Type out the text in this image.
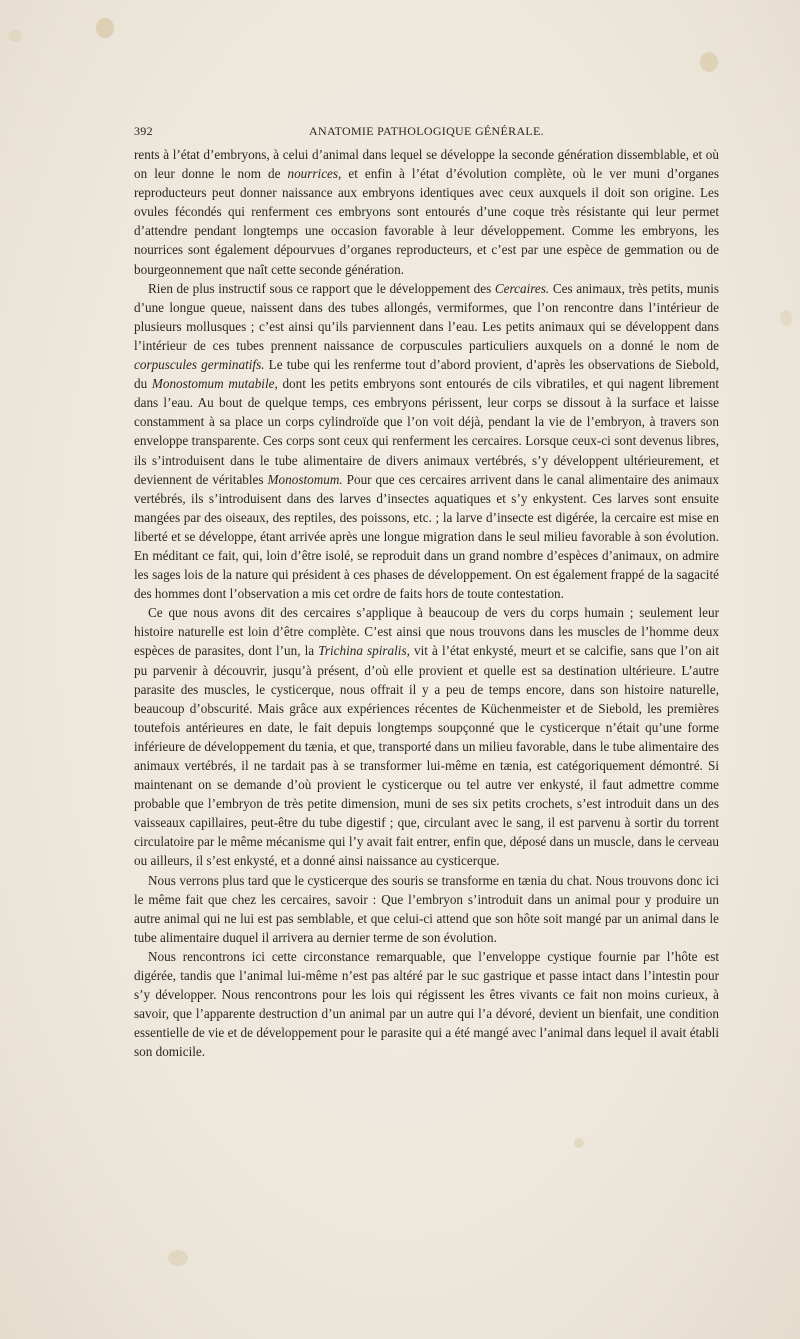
392	ANATOMIE PATHOLOGIQUE GÉNÉRALE.

rents à l’état d’embryons, à celui d’animal dans lequel se développe la seconde génération dissemblable, et où on leur donne le nom de nourrices, et enfin à l’état d’évolution complète, où le ver muni d’organes reproducteurs peut donner naissance aux embryons identiques avec ceux auxquels il doit son origine. Les ovules fécondés qui renferment ces embryons sont entourés d’une coque très résistante qui leur permet d’attendre pendant longtemps une occasion favorable à leur développement. Comme les embryons, les nourrices sont également dépourvues d’organes reproducteurs, et c’est par une espèce de gemmation ou de bourgeonnement que naît cette seconde génération.

Rien de plus instructif sous ce rapport que le développement des Cercaires. Ces animaux, très petits, munis d’une longue queue, naissent dans des tubes allongés, vermiformes, que l’on rencontre dans l’intérieur de plusieurs mollusques ; c’est ainsi qu’ils parviennent dans l’eau. Les petits animaux qui se développent dans l’intérieur de ces tubes prennent naissance de corpuscules particuliers auxquels on a donné le nom de corpuscules germinatifs. Le tube qui les renferme tout d’abord provient, d’après les observations de Siebold, du Monostomum mutabile, dont les petits embryons sont entourés de cils vibratiles, et qui nagent librement dans l’eau. Au bout de quelque temps, ces embryons périssent, leur corps se dissout à la surface et laisse constamment à sa place un corps cylindroïde que l’on voit déjà, pendant la vie de l’embryon, à travers son enveloppe transparente. Ces corps sont ceux qui renferment les cercaires. Lorsque ceux-ci sont devenus libres, ils s’introduisent dans le tube alimentaire de divers animaux vertébrés, s’y développent ultérieurement, et deviennent de véritables Monostomum. Pour que ces cercaires arrivent dans le canal alimentaire des animaux vertébrés, ils s’introduisent dans des larves d’insectes aquatiques et s’y enkystent. Ces larves sont ensuite mangées par des oiseaux, des reptiles, des poissons, etc. ; la larve d’insecte est digérée, la cercaire est mise en liberté et se développe, étant arrivée après une longue migration dans le seul milieu favorable à son évolution. En méditant ce fait, qui, loin d’être isolé, se reproduit dans un grand nombre d’espèces d’animaux, on admire les sages lois de la nature qui président à ces phases de développement. On est également frappé de la sagacité des hommes dont l’observation a mis cet ordre de faits hors de toute contestation.

Ce que nous avons dit des cercaires s’applique à beaucoup de vers du corps humain ; seulement leur histoire naturelle est loin d’être complète. C’est ainsi que nous trouvons dans les muscles de l’homme deux espèces de parasites, dont l’un, la Trichina spiralis, vit à l’état enkysté, meurt et se calcifie, sans que l’on ait pu parvenir à découvrir, jusqu’à présent, d’où elle provient et quelle est sa destination ultérieure. L’autre parasite des muscles, le cysticerque, nous offrait il y a peu de temps encore, dans son histoire naturelle, beaucoup d’obscurité. Mais grâce aux expériences récentes de Küchenmeister et de Siebold, les premières toutefois antérieures en date, le fait depuis longtemps soupçonné que le cysticerque n’était qu’une forme inférieure de développement du tænia, et que, transporté dans un milieu favorable, dans le tube alimentaire des animaux vertébrés, il ne tardait pas à se transformer lui-même en tænia, est catégoriquement démontré. Si maintenant on se demande d’où provient le cysticerque ou tel autre ver enkysté, il faut admettre comme probable que l’embryon de très petite dimension, muni de ses six petits crochets, s’est introduit dans un des vaisseaux capillaires, peut-être du tube digestif ; que, circulant avec le sang, il est parvenu à sortir du torrent circulatoire par le même mécanisme qui l’y avait fait entrer, enfin que, déposé dans un muscle, dans le cerveau ou ailleurs, il s’est enkysté, et a donné ainsi naissance au cysticerque.

Nous verrons plus tard que le cysticerque des souris se transforme en tænia du chat. Nous trouvons donc ici le même fait que chez les cercaires, savoir : Que l’embryon s’introduit dans un animal pour y produire un autre animal qui ne lui est pas semblable, et que celui-ci attend que son hôte soit mangé par un animal dans le tube alimentaire duquel il arrivera au dernier terme de son évolution.

Nous rencontrons ici cette circonstance remarquable, que l’enveloppe cystique fournie par l’hôte est digérée, tandis que l’animal lui-même n’est pas altéré par le suc gastrique et passe intact dans l’intestin pour s’y développer. Nous rencontrons pour les lois qui régissent les êtres vivants ce fait non moins curieux, à savoir, que l’apparente destruction d’un animal par un autre qui l’a dévoré, devient un bienfait, une condition essentielle de vie et de développement pour le parasite qui a été mangé avec l’animal dans lequel il avait établi son domicile.
